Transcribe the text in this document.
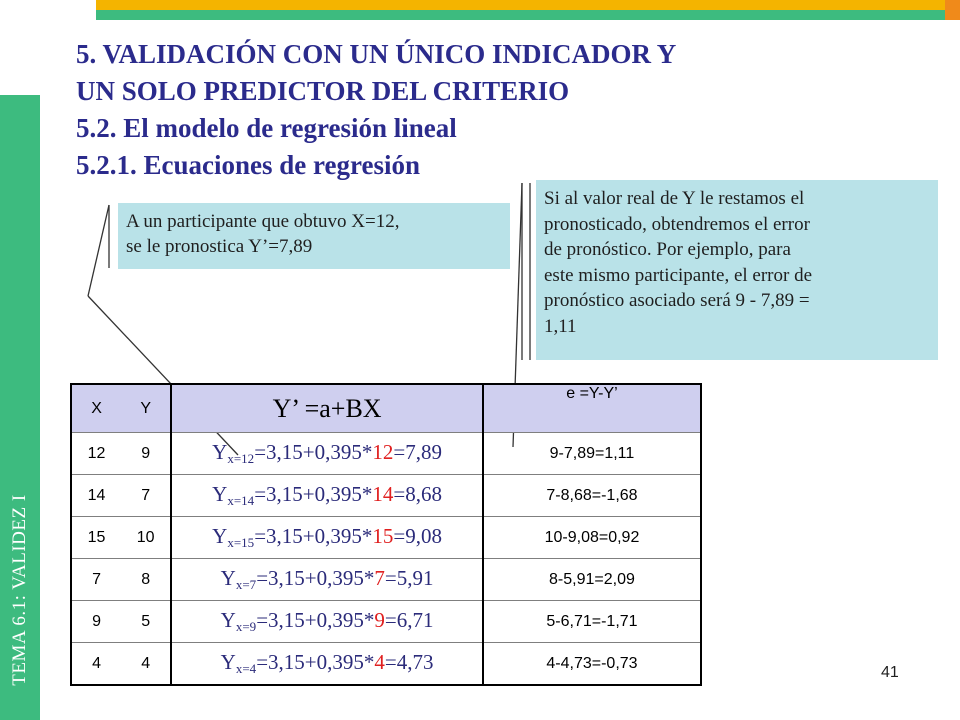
TEMA 6.1: VALIDEZ I
5. VALIDACIÓN CON UN ÚNICO INDICADOR Y
UN SOLO PREDICTOR DEL CRITERIO
5.2. El modelo de regresión lineal
5.2.1. Ecuaciones de regresión
A un participante que obtuvo X=12,
se le pronostica Y’=7,89
Si al valor real de Y le restamos el
pronosticado, obtendremos el error
de pronóstico. Por ejemplo, para
este mismo participante, el error de
pronóstico asociado será 9 - 7,89 =
1,11
X	Y	Y’ =a+BX	e =Y-Y’
12	9	Yx=12=3,15+0,395*12=7,89	9-7,89=1,11
14	7	Yx=14=3,15+0,395*14=8,68	7-8,68=-1,68
15	10	Yx=15=3,15+0,395*15=9,08	10-9,08=0,92
7	8	Yx=7=3,15+0,395*7=5,91	8-5,91=2,09
9	5	Yx=9=3,15+0,395*9=6,71	5-6,71=-1,71
4	4	Yx=4=3,15+0,395*4=4,73	4-4,73=-0,73
41
